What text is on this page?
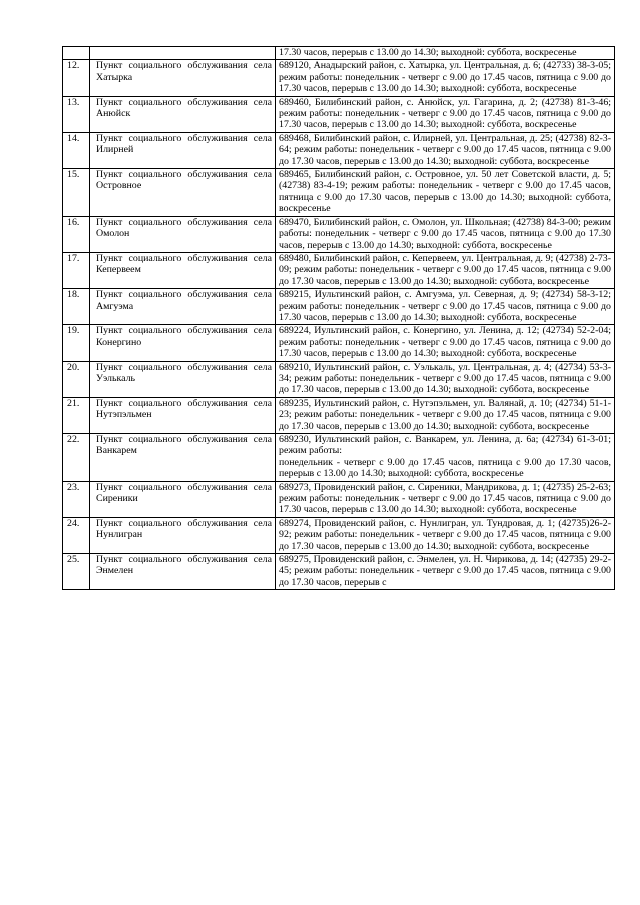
		17.30 часов, перерыв с 13.00 до 14.30; выходной: суббота, воскресенье
12.	Пункт социального обслуживания села Хатырка	689120, Анадырский район, с. Хатырка, ул. Центральная, д. 6; (42733) 38-3-05; режим работы: понедельник - четверг с 9.00 до 17.45 часов, пятница с 9.00 до 17.30 часов, перерыв с 13.00 до 14.30; выходной: суббота, воскресенье
13.	Пункт социального обслуживания села Анюйск	689460, Билибинский район, с. Анюйск, ул. Гагарина, д. 2; (42738) 81-3-46; режим работы: понедельник - четверг с 9.00 до 17.45 часов, пятница с 9.00 до 17.30 часов, перерыв с 13.00 до 14.30; выходной: суббота, воскресенье
14.	Пункт социального обслуживания села Илирней	689468, Билибинский район, с. Илирней, ул. Центральная, д. 25; (42738) 82-3-64; режим работы: понедельник - четверг с 9.00 до 17.45 часов, пятница с 9.00 до 17.30 часов, перерыв с 13.00 до 14.30; выходной: суббота, воскресенье
15.	Пункт социального обслуживания села Островное	689465, Билибинский район, с. Островное, ул. 50 лет Советской власти, д. 5; (42738) 83-4-19; режим работы: понедельник - четверг с 9.00 до 17.45 часов, пятница с 9.00 до 17.30 часов, перерыв с 13.00 до 14.30; выходной: суббота, воскресенье
16.	Пункт социального обслуживания села Омолон	689470, Билибинский район, с. Омолон, ул. Школьная; (42738) 84-3-00; режим работы: понедельник - четверг с 9.00 до 17.45 часов, пятница с 9.00 до 17.30 часов, перерыв с 13.00 до 14.30; выходной: суббота, воскресенье
17.	Пункт социального обслуживания села Кепервеем	689480, Билибинский район, с. Кепервеем, ул. Центральная, д. 9; (42738) 2-73-09; режим работы: понедельник - четверг с 9.00 до 17.45 часов, пятница с 9.00 до 17.30 часов, перерыв с 13.00 до 14.30; выходной: суббота, воскресенье
18.	Пункт социального обслуживания села Амгуэма	689215, Иультинский район, с. Амгуэма, ул. Северная, д. 9; (42734) 58-3-12; режим работы: понедельник - четверг с 9.00 до 17.45 часов, пятница с 9.00 до 17.30 часов, перерыв с 13.00 до 14.30; выходной: суббота, воскресенье
19.	Пункт социального обслуживания села Конергино	689224, Иультинский район, с. Конергино, ул. Ленина, д. 12; (42734) 52-2-04; режим работы: понедельник - четверг с 9.00 до 17.45 часов, пятница с 9.00 до 17.30 часов, перерыв с 13.00 до 14.30; выходной: суббота, воскресенье
20.	Пункт социального обслуживания села Уэлькаль	689210, Иультинский район, с. Уэлькаль, ул. Центральная, д. 4; (42734) 53-3-34; режим работы: понедельник - четверг с 9.00 до 17.45 часов, пятница с 9.00 до 17.30 часов, перерыв с 13.00 до 14.30; выходной: суббота, воскресенье
21.	Пункт социального обслуживания села Нутэпэльмен	689235, Иультинский район, с. Нутэпэльмен, ул. Валянай, д. 10; (42734) 51-1-23; режим работы: понедельник - четверг с 9.00 до 17.45 часов, пятница с 9.00 до 17.30 часов, перерыв с 13.00 до 14.30; выходной: суббота, воскресенье
22.	Пункт социального обслуживания села Ванкарем	689230, Иультинский район, с. Ванкарем, ул. Ленина, д. 6а; (42734) 61-3-01; режим работы:
понедельник - четверг с 9.00 до 17.45 часов, пятница с 9.00 до 17.30 часов, перерыв с 13.00 до 14.30; выходной: суббота, воскресенье

23.	Пункт социального обслуживания села Сиреники	689273, Провиденский район, с. Сиреники, Мандрикова, д. 1; (42735) 25-2-63; режим работы: понедельник - четверг с 9.00 до 17.45 часов, пятница с 9.00 до 17.30 часов, перерыв с 13.00 до 14.30; выходной: суббота, воскресенье
24.	Пункт социального обслуживания села Нунлигран	689274, Провиденский район, с. Нунлигран, ул. Тундровая, д. 1; (42735)26-2-92; режим работы: понедельник - четверг с 9.00 до 17.45 часов, пятница с 9.00 до 17.30 часов, перерыв с 13.00 до 14.30; выходной: суббота, воскресенье
25.	Пункт социального обслуживания села Энмелен	689275, Провиденский район, с. Энмелен, ул. Н. Чирикова, д. 14; (42735) 29-2-45; режим работы: понедельник - четверг с 9.00 до 17.45 часов, пятница с 9.00 до 17.30 часов, перерыв с
